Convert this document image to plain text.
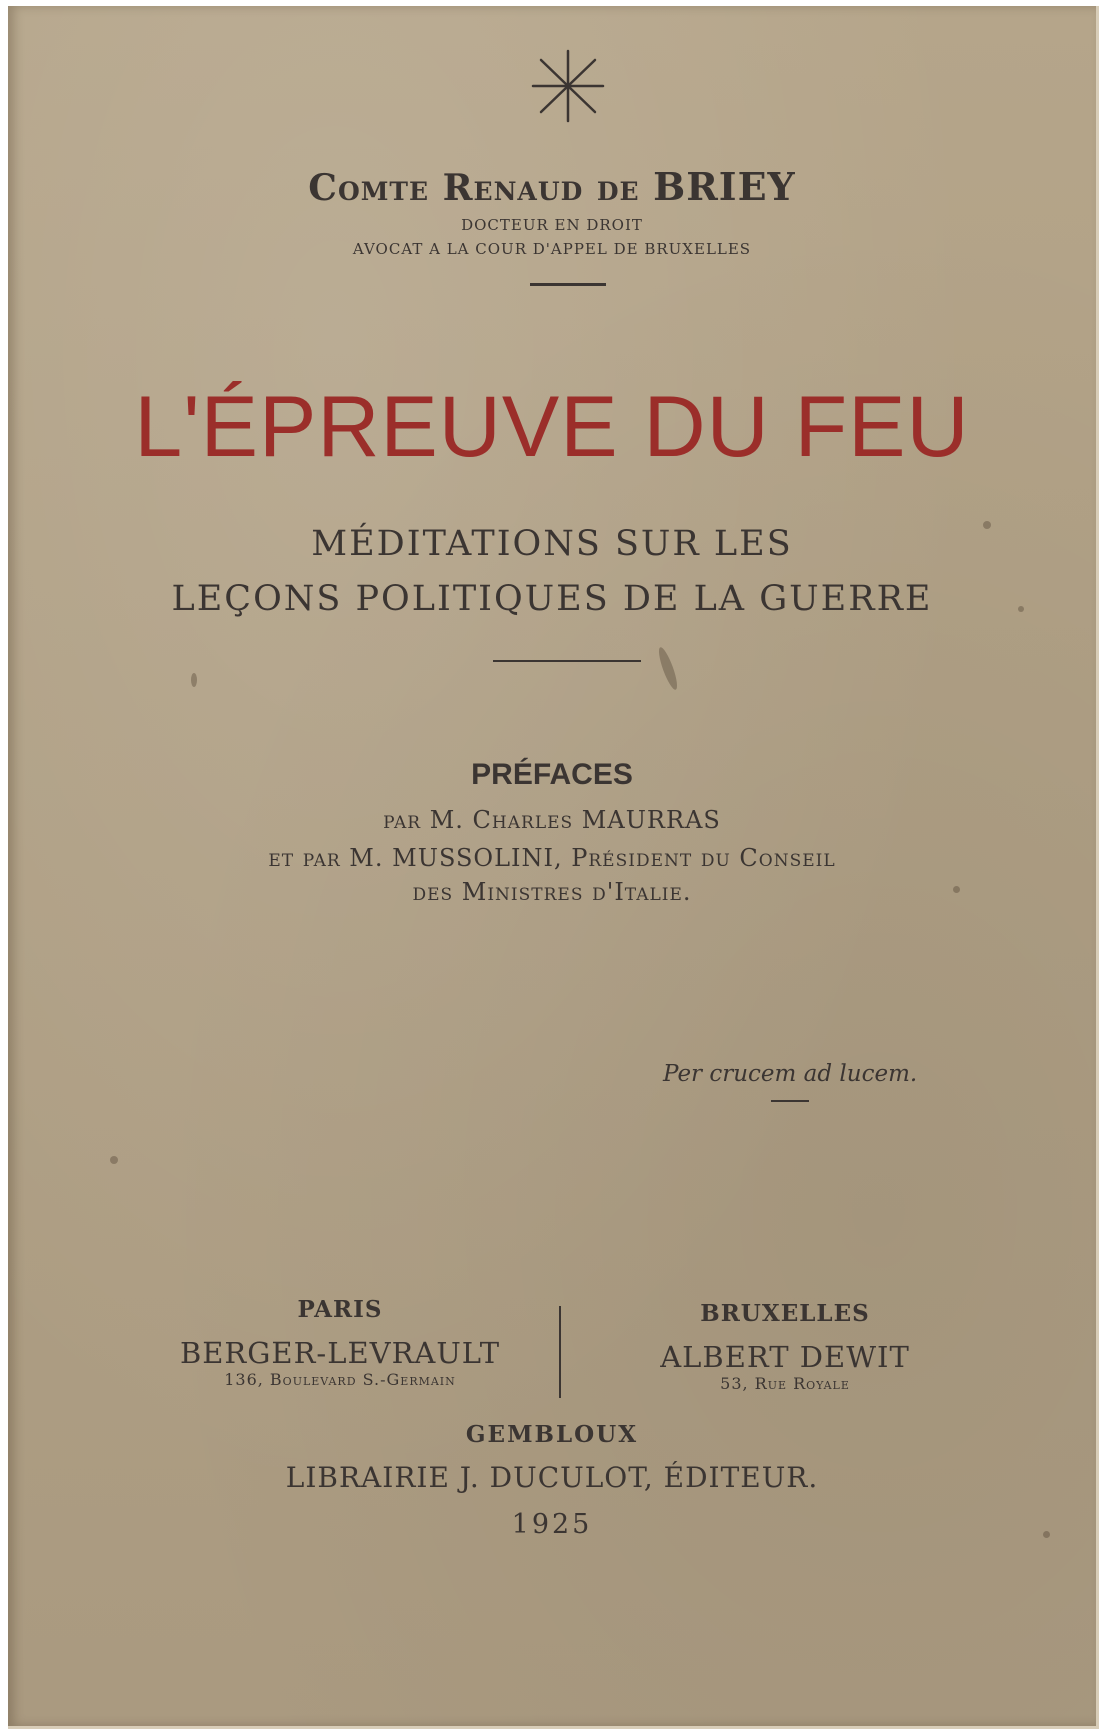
Comte Renaud de BRIEY
DOCTEUR EN DROIT
AVOCAT A LA COUR D'APPEL DE BRUXELLES
L'ÉPREUVE DU FEU
MÉDITATIONS SUR LES
LEÇONS POLITIQUES DE LA GUERRE
PRÉFACES
par M. Charles MAURRAS
et par M. MUSSOLINI, Président du Conseil
des Ministres d'Italie.
Per crucem ad lucem.
PARIS
BERGER-LEVRAULT
136, Boulevard S.-Germain
BRUXELLES
ALBERT DEWIT
53, Rue Royale
GEMBLOUX
LIBRAIRIE J. DUCULOT, ÉDITEUR.
1925
